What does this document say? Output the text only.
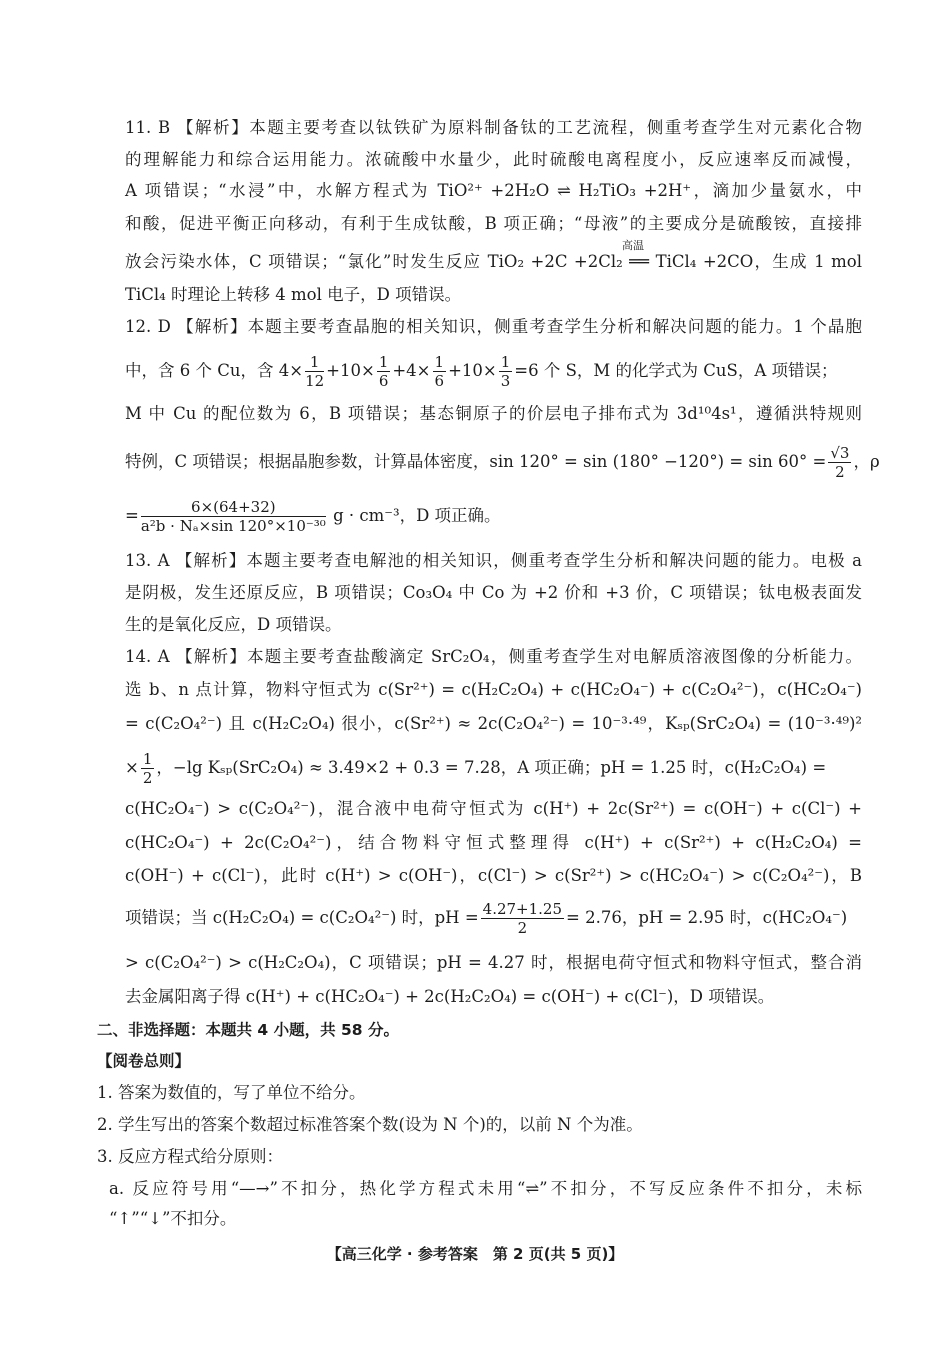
11. B 【解析】本题主要考查以钛铁矿为原料制备钛的工艺流程，侧重考查学生对元素化合物
的理解能力和综合运用能力。浓硫酸中水量少，此时硫酸电离程度小，反应速率反而减慢，
A 项错误；“水浸”中，水解方程式为 TiO²⁺ +2H₂O ⇌ H₂TiO₃ +2H⁺，滴加少量氨水，中
和酸，促进平衡正向移动，有利于生成钛酸，B 项正确；“母液”的主要成分是硫酸铵，直接排
高温
放会污染水体，C 项错误；“氯化”时发生反应 TiO₂ +2C +2Cl₂ ══ TiCl₄ +2CO，生成 1 mol
TiCl₄ 时理论上转移 4 mol 电子，D 项错误。
12. D 【解析】本题主要考查晶胞的相关知识，侧重考查学生分析和解决问题的能力。1 个晶胞
中，含 6 个 Cu，含 $4\times \frac{1}{12} +10\times \frac{1}{6} +4\times \frac{1}{6} +10\times \frac{1}{3} =6$ 个 S，M 的化学式为 CuS，A 项错误；
M 中 Cu 的配位数为 6，B 项错误；基态铜原子的价层电子排布式为 3d¹⁰4s¹，遵循洪特规则
特例，C 项错误；根据晶胞参数，计算晶体密度，$\sin 120^\circ = \sin (180^\circ -120^\circ) = \sin 60^\circ = \frac{√3}{2}$ ，ρ
= $\frac{6\times(64+32)}{\text{a²b · Nₐ×sin 120°×10⁻³⁰}}$ g · cm⁻³，D 项正确。
13. A 【解析】本题主要考查电解池的相关知识，侧重考查学生分析和解决问题的能力。电极 a
是阴极，发生还原反应，B 项错误；Co₃O₄ 中 Co 为 +2 价和 +3 价，C 项错误；钛电极表面发
生的是氧化反应，D 项错误。
14. A 【解析】本题主要考查盐酸滴定 SrC₂O₄，侧重考查学生对电解质溶液图像的分析能力。
选 b、n 点计算，物料守恒式为 c(Sr²⁺) = c(H₂C₂O₄) + c(HC₂O₄⁻) + c(C₂O₄²⁻)，c(HC₂O₄⁻)
= c(C₂O₄²⁻) 且 c(H₂C₂O₄) 很小，c(Sr²⁺) ≈ 2c(C₂O₄²⁻) = 10⁻³·⁴⁹，Kₛₚ(SrC₂O₄) = (10⁻³·⁴⁹)²
× $\frac{1}{2}$ ，−lg Kₛₚ(SrC₂O₄) ≈ 3.49×2 + 0.3 = 7.28，A 项正确；pH = 1.25 时，c(H₂C₂O₄) =
c(HC₂O₄⁻) > c(C₂O₄²⁻)，混合液中电荷守恒式为 c(H⁺) + 2c(Sr²⁺) = c(OH⁻) + c(Cl⁻) +
c(HC₂O₄⁻) + 2c(C₂O₄²⁻)，结合物料守恒式整理得 c(H⁺) + c(Sr²⁺) + c(H₂C₂O₄) =
c(OH⁻) + c(Cl⁻)，此时 c(H⁺) > c(OH⁻)，c(Cl⁻) > c(Sr²⁺) > c(HC₂O₄⁻) > c(C₂O₄²⁻)，B
项错误；当 c(H₂C₂O₄) = c(C₂O₄²⁻) 时，pH = $\frac{4.27+1.25}{2} = 2.76$，pH = 2.95 时，c(HC₂O₄⁻)
> c(C₂O₄²⁻) > c(H₂C₂O₄)，C 项错误；pH = 4.27 时，根据电荷守恒式和物料守恒式，整合消
去金属阳离子得 c(H⁺) + c(HC₂O₄⁻) + 2c(H₂C₂O₄) = c(OH⁻) + c(Cl⁻)，D 项错误。
二、非选择题：本题共 4 小题，共 58 分。
【阅卷总则】
1. 答案为数值的，写了单位不给分。
2. 学生写出的答案个数超过标准答案个数(设为 N 个)的，以前 N 个为准。
3. 反应方程式给分原则：
a. 反应符号用“—→”不扣分，热化学方程式未用“⇌”不扣分，不写反应条件不扣分，未标
“↑”“↓”不扣分。
【高三化学 · 参考答案　第 2 页(共 5 页)】
